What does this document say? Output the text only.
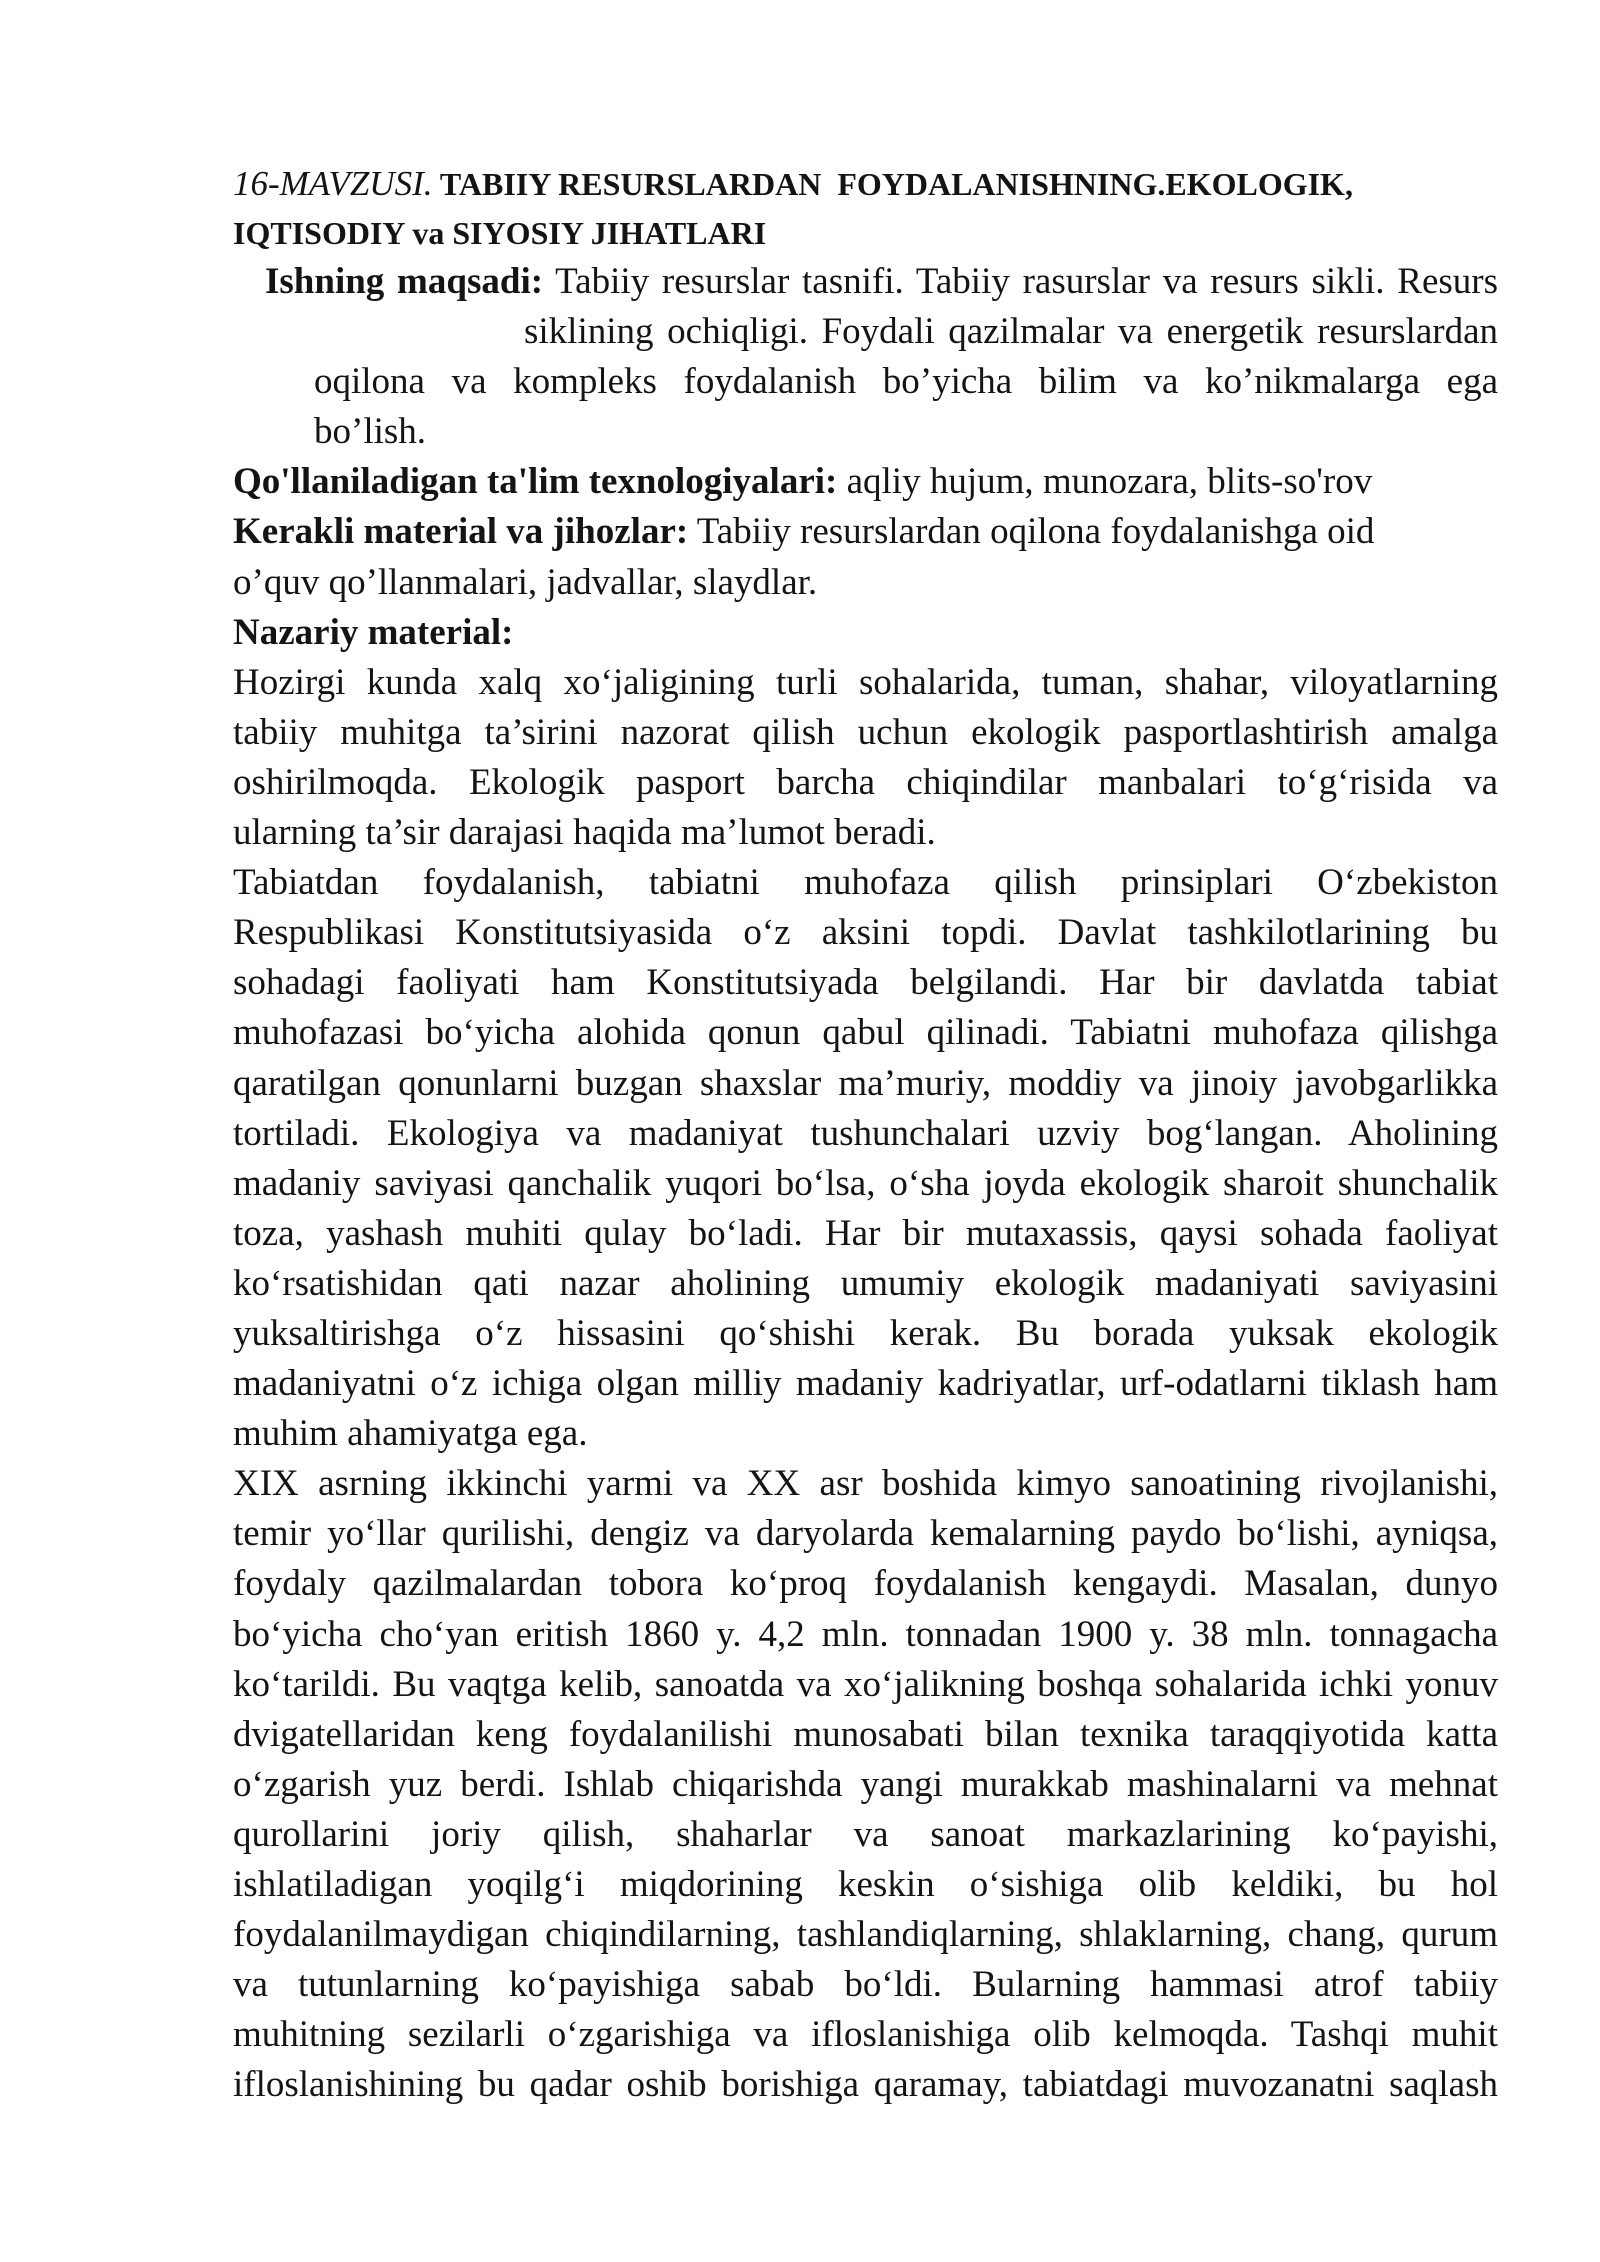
16-MAVZUSI. TABIIY RESURSLARDAN  FOYDALANISHNING.EKOLOGIK,
IQTISODIY va SIYOSIY JIHATLARI
Ishning maqsadi: Tabiiy resurslar tasnifi. Tabiiy rasurslar va resurs sikli. Resurs
siklining ochiqligi. Foydali qazilmalar va energetik resurslardan
oqilona va kompleks foydalanish bo’yicha bilim va ko’nikmalarga ega
bo’lish.
Qo'llaniladigan ta'lim texnologiyalari: aqliy hujum, munozara, blits-so'rov
Kerakli material va jihozlar: Tabiiy resurslardan oqilona foydalanishga oid
o’quv qo’llanmalari, jadvallar, slaydlar.
Nazariy material:
Hozirgi kunda xalq xo‘jaligining turli sohalarida, tuman, shahar, viloyatlarning
tabiiy muhitga ta’sirini nazorat qilish uchun ekologik pasportlashtirish amalga
oshirilmoqda. Ekologik pasport barcha chiqindilar manbalari to‘g‘risida va
ularning ta’sir darajasi haqida ma’lumot beradi.
Tabiatdan foydalanish, tabiatni muhofaza qilish prinsiplari O‘zbekiston
Respublikasi Konstitutsiyasida o‘z aksini topdi. Davlat tashkilotlarining bu
sohadagi faoliyati ham Konstitutsiyada belgilandi. Har bir davlatda tabiat
muhofazasi bo‘yicha alohida qonun qabul qilinadi. Tabiatni muhofaza qilishga
qaratilgan qonunlarni buzgan shaxslar ma’muriy, moddiy va jinoiy javobgarlikka
tortiladi. Ekologiya va madaniyat tushunchalari uzviy bog‘langan. Aholining
madaniy saviyasi qanchalik yuqori bo‘lsa, o‘sha joyda ekologik sharoit shunchalik
toza, yashash muhiti qulay bo‘ladi. Har bir mutaxassis, qaysi sohada faoliyat
ko‘rsatishidan qati nazar aholining umumiy ekologik madaniyati saviyasini
yuksaltirishga o‘z hissasini qo‘shishi kerak. Bu borada yuksak ekologik
madaniyatni o‘z ichiga olgan milliy madaniy kadriyatlar, urf-odatlarni tiklash ham
muhim ahamiyatga ega.
XIX asrning ikkinchi yarmi va XX asr boshida kimyo sanoatining rivojlanishi,
temir yo‘llar qurilishi, dengiz va daryolarda kemalarning paydo bo‘lishi, ayniqsa,
foydaly qazilmalardan tobora ko‘proq foydalanish kengaydi. Masalan, dunyo
bo‘yicha cho‘yan eritish 1860 y. 4,2 mln. tonnadan 1900 y. 38 mln. tonnagacha
ko‘tarildi. Bu vaqtga kelib, sanoatda va xo‘jalikning boshqa sohalarida ichki yonuv
dvigatellaridan keng foydalanilishi munosabati bilan texnika taraqqiyotida katta
o‘zgarish yuz berdi. Ishlab chiqarishda yangi murakkab mashinalarni va mehnat
qurollarini joriy qilish, shaharlar va sanoat markazlarining ko‘payishi,
ishlatiladigan yoqilg‘i miqdorining keskin o‘sishiga olib keldiki, bu hol
foydalanilmaydigan chiqindilarning, tashlandiqlarning, shlaklarning, chang, qurum
va tutunlarning ko‘payishiga sabab bo‘ldi. Bularning hammasi atrof tabiiy
muhitning sezilarli o‘zgarishiga va ifloslanishiga olib kelmoqda. Tashqi muhit
ifloslanishining bu qadar oshib borishiga qaramay, tabiatdagi muvozanatni saqlash
